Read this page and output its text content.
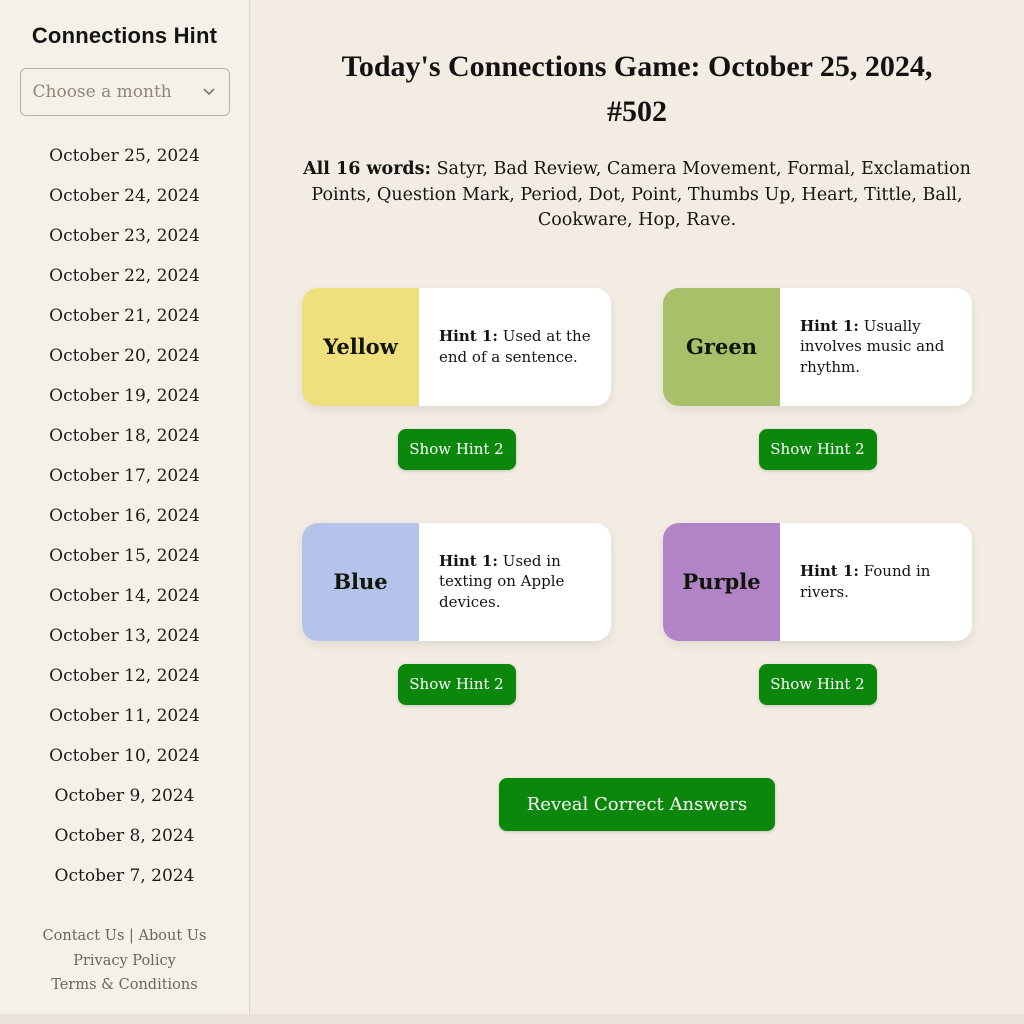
Connections Hint
Choose a month
October 25, 2024
October 24, 2024
October 23, 2024
October 22, 2024
October 21, 2024
October 20, 2024
October 19, 2024
October 18, 2024
October 17, 2024
October 16, 2024
October 15, 2024
October 14, 2024
October 13, 2024
October 12, 2024
October 11, 2024
October 10, 2024
October 9, 2024
October 8, 2024
October 7, 2024
Contact Us | About Us
Privacy Policy
Terms & Conditions
Today's Connections Game: October 25, 2024, #502

All 16 words: Satyr, Bad Review, Camera Movement, Formal, Exclamation Points, Question Mark, Period, Dot, Point, Thumbs Up, Heart, Tittle, Ball, Cookware, Hop, Rave.

Yellow	Hint 1: Used at the end of a sentence.

Show Hint 2
Green

Hint 1: Usually involves music and rhythm.

Show Hint 2
Blue

Hint 1: Used in texting on Apple devices.

Show Hint 2
Purple	Hint 1: Found in rivers.

Show Hint 2
Reveal Correct Answers
